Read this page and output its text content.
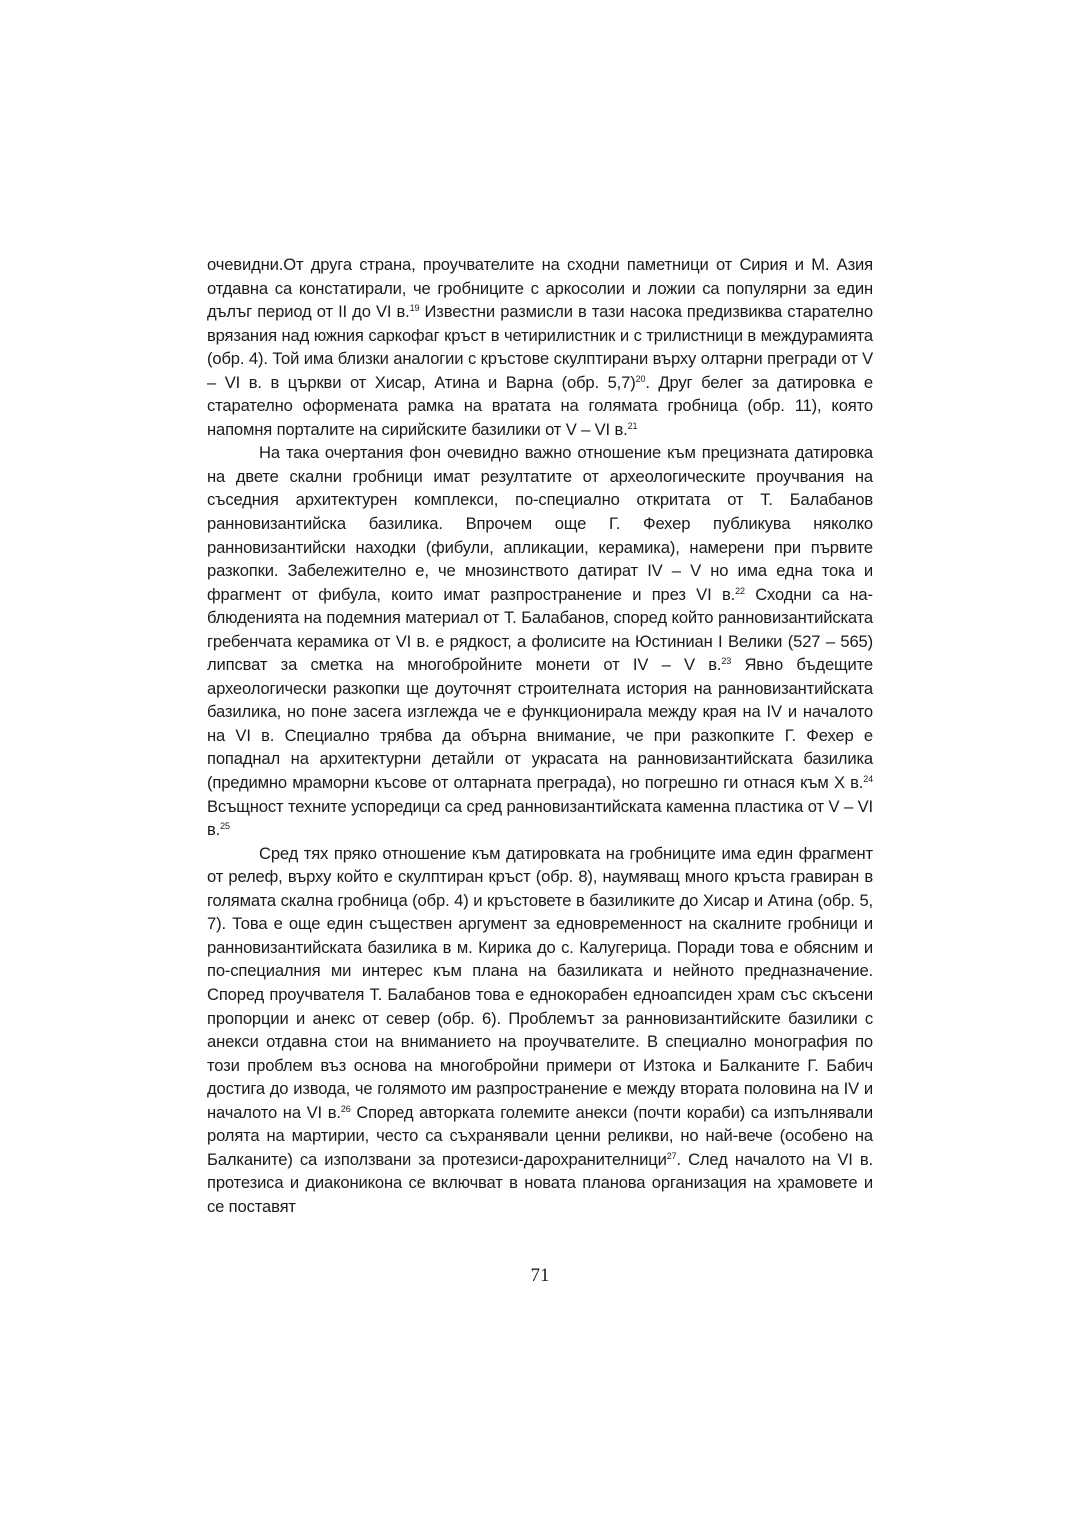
очевидни.От друга страна, проучвателите на сходни паметници от Сирия и М. Азия отдавна са констатирали, че гробниците с аркосолии и ложии са популярни за един дълъг период от II до VI в.$^{19}$ Известни размисли в тази насока предизвиква старателно врязания над южния саркофаг кръст в четирилистник и с трилистници в междурамията (обр. 4). Той има близки аналогии с кръстове скулптирани върху олтарни прегради от V – VI в. в църкви от Хисар, Атина и Варна (обр. 5,7)$^{20}$. Друг белег за датировка е старателно оформената рамка на вратата на голямата гробница (обр. 11), която напомня порталите на сирийските базилики от V – VI в.$^{21}$

На така очертания фон очевидно важно отношение към прецизната датировка на двете скални гробници имат резултатите от археологическите проучвания на съседния архитектурен комплекси, по-специално откритата от Т. Балабанов ранновизантийска базилика. Впрочем още Г. Фехер публикува няколко ранновизантийски находки (фибули, апликации, керамика), намерени при първите разкопки. Забележително е, че мнозинството датират IV – V но има една тока и фрагмент от фибула, които имат разпространение и през VI в.$^{22}$ Сходни са наблюденията на подемния материал от Т. Балабанов, според който ранновизантийската гребенчата керамика от VI в. е рядкост, а фолисите на Юстиниан I Велики (527 – 565) липсват за сметка на многобройните монети от IV – V в.$^{23}$ Явно бъдещите археологически разкопки ще доуточнят строителната история на ранновизантийската базилика, но поне засега изглежда че е функционирала между края на IV и началото на VI в. Специално трябва да обърна внимание, че при разкопките Г. Фехер е попаднал на архитектурни детайли от украсата на ранновизантийската базилика (предимно мраморни късове от олтарната преграда), но погрешно ги отнася към Х в.$^{24}$ Всъщност техните успоредици са сред ранновизантийската каменна пластика от V – VI в.$^{25}$

Сред тях пряко отношение към датировката на гробниците има един фрагмент от релеф, върху който е скулптиран кръст (обр. 8), наумяващ много кръста гравиран в голямата скална гробница (обр. 4) и кръстовете в базиликите до Хисар и Атина (обр. 5, 7). Това е още един съществен аргумент за едновременност на скалните гробници и ранновизантийската базилика в м. Кирика до с. Калугерица. Поради това е обясним и по-специалния ми интерес към плана на базиликата и нейното предназначение. Според проучвателя Т. Балабанов това е еднокорабен едноапсиден храм със скъсени пропорции и анекс от север (обр. 6). Проблемът за ранновизантийските базилики с анекси отдавна стои на вниманието на проучвателите. В специално монография по този проблем въз основа на многобройни примери от Изтока и Балканите Г. Бабич достига до извода, че голямото им разпространение е между втората половина на IV и началото на VI в.$^{26}$ Според авторката големите анекси (почти кораби) са изпълнявали ролята на мартирии, често са съхранявали ценни реликви, но най-вече (особено на Балканите) са използвани за протезиси-дарохранителници$^{27}$. След началото на VI в. протезиса и диаконикона се включват в новата планова организация на храмовете и се поставят

71
